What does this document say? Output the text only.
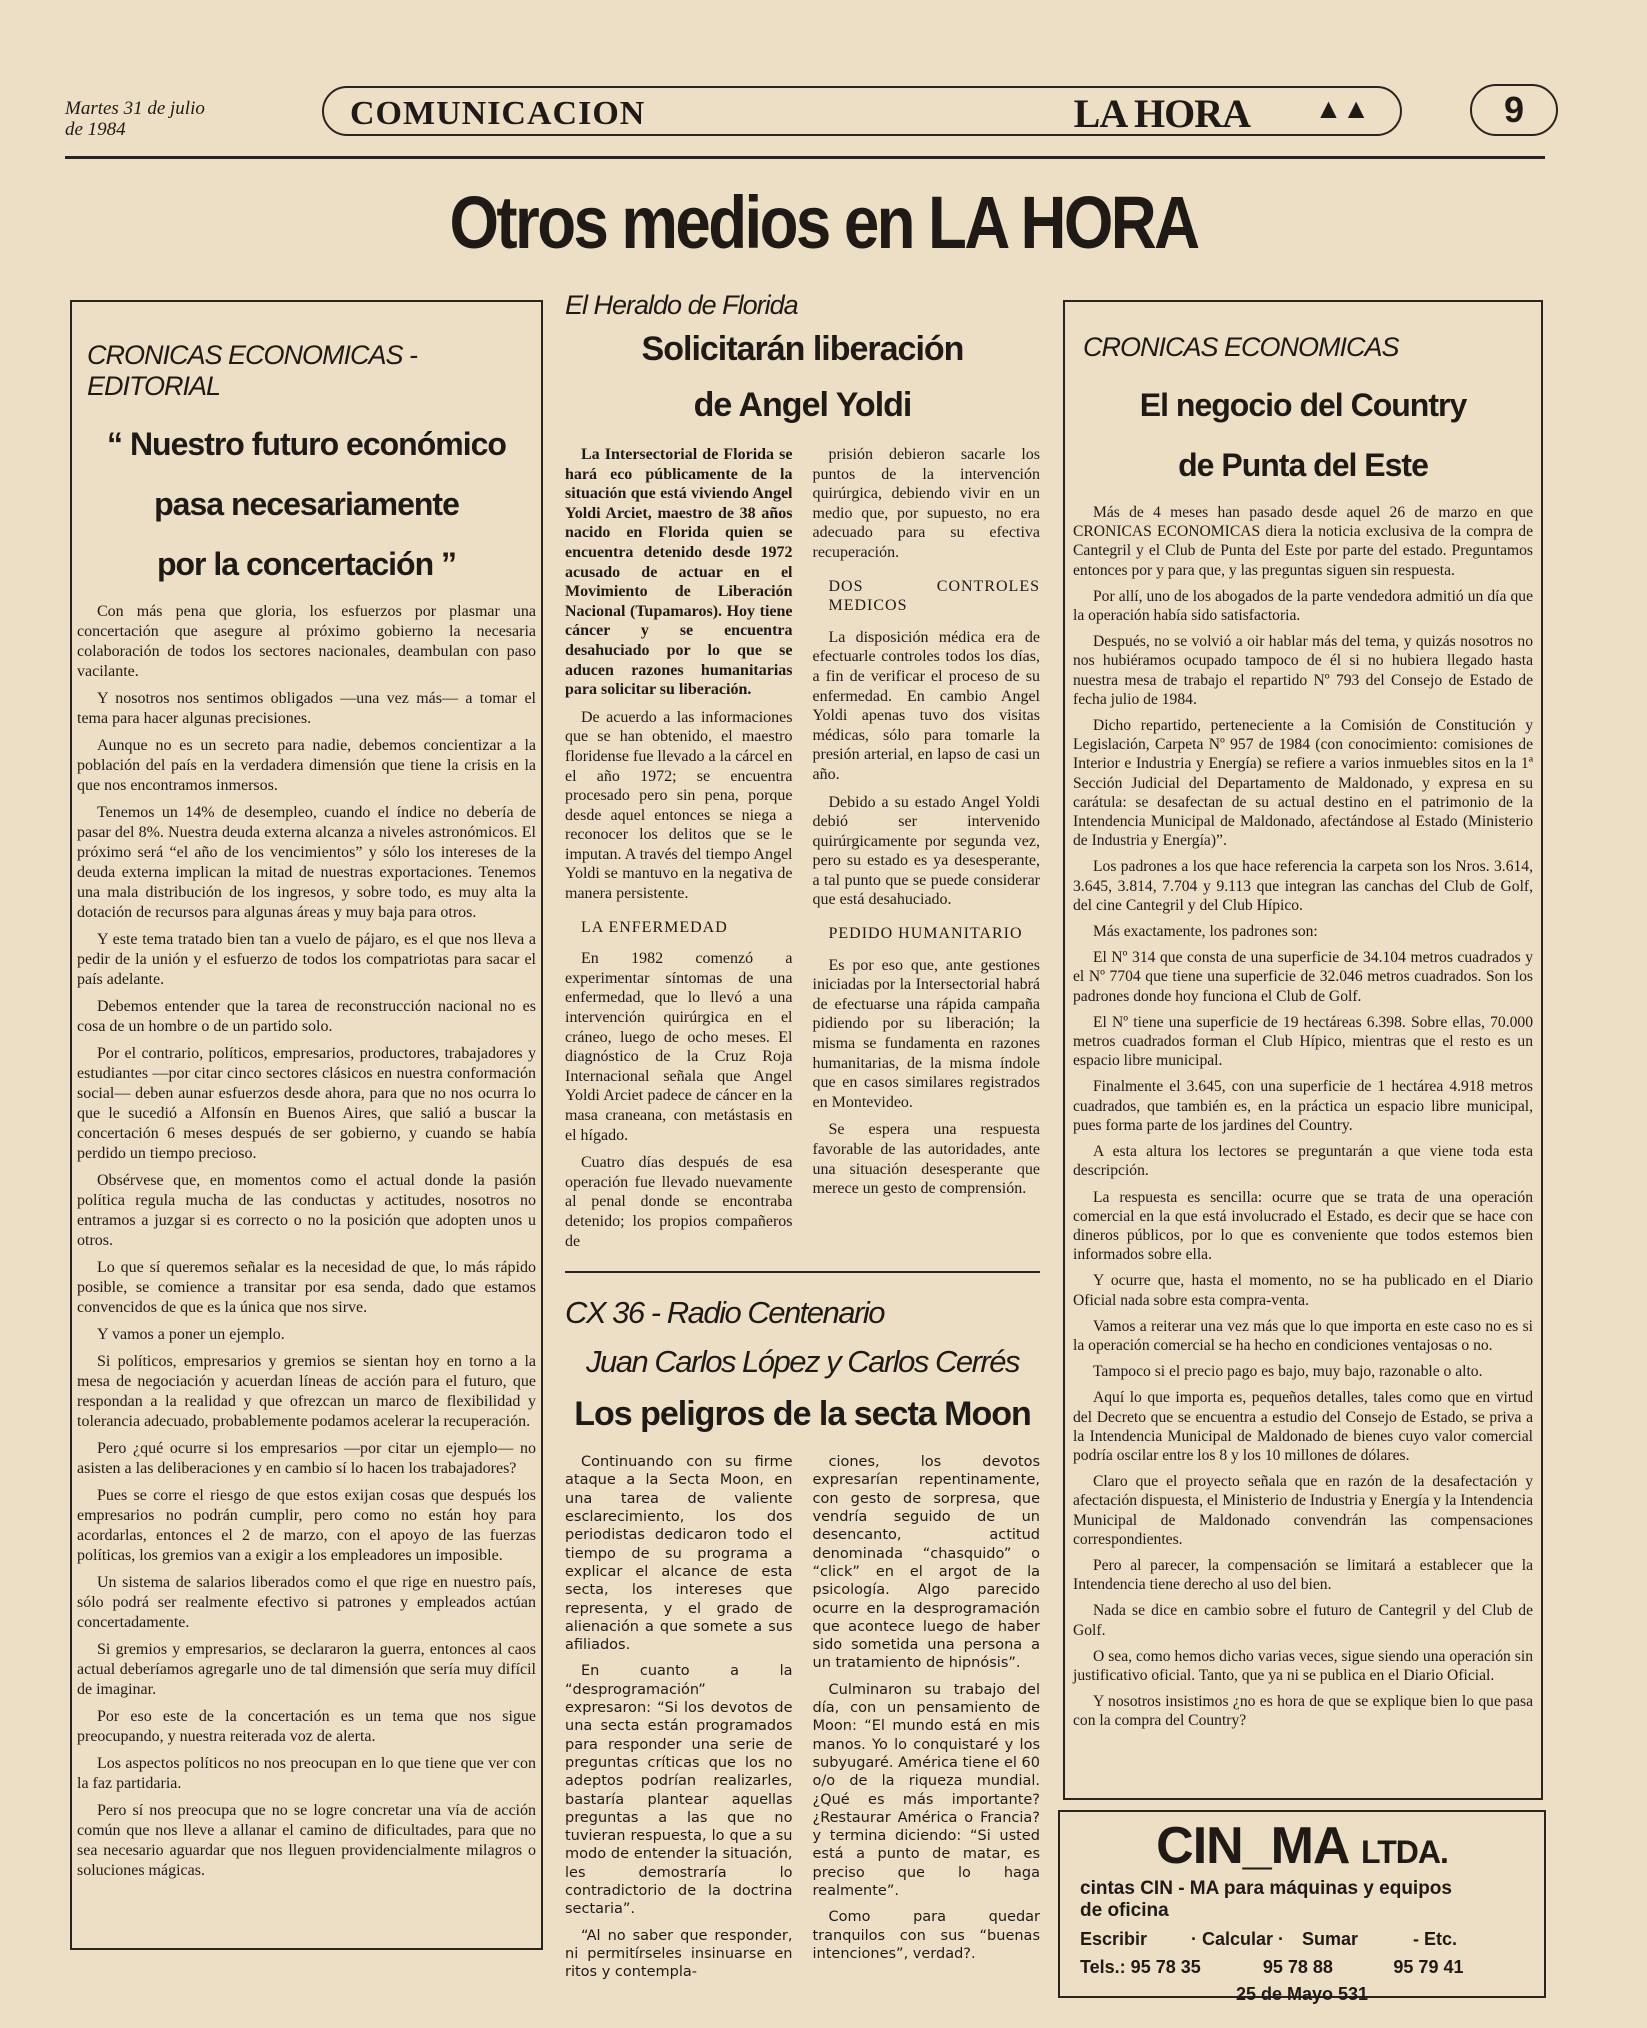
Martes 31 de julio
de 1984	COMUNICACION	LA HORA ▲▲	9
Otros medios en LA HORA
CRONICAS ECONOMICAS - EDITORIAL
“ Nuestro futuro económico
pasa necesariamente
por la concertación ”

Con más pena que gloria, los esfuerzos por plasmar una concertación que asegure al próximo gobierno la necesaria colaboración de todos los sectores nacionales, deambulan con paso vacilante.

Y nosotros nos sentimos obligados —una vez más— a tomar el tema para hacer algunas precisiones.

Aunque no es un secreto para nadie, debemos concientizar a la población del país en la verdadera dimensión que tiene la crisis en la que nos encontramos inmersos.

Tenemos un 14% de desempleo, cuando el índice no debería de pasar del 8%. Nuestra deuda externa alcanza a niveles astronómicos. El próximo será “el año de los vencimientos” y sólo los intereses de la deuda externa implican la mitad de nuestras exportaciones. Tenemos una mala distribución de los ingresos, y sobre todo, es muy alta la dotación de recursos para algunas áreas y muy baja para otros.

Y este tema tratado bien tan a vuelo de pájaro, es el que nos lleva a pedir de la unión y el esfuerzo de todos los compatriotas para sacar el país adelante.

Debemos entender que la tarea de reconstrucción nacional no es cosa de un hombre o de un partido solo.

Por el contrario, políticos, empresarios, productores, trabajadores y estudiantes —por citar cinco sectores clásicos en nuestra conformación social— deben aunar esfuerzos desde ahora, para que no nos ocurra lo que le sucedió a Alfonsín en Buenos Aires, que salió a buscar la concertación 6 meses después de ser gobierno, y cuando se había perdido un tiempo precioso.

Obsérvese que, en momentos como el actual donde la pasión política regula mucha de las conductas y actitudes, nosotros no entramos a juzgar si es correcto o no la posición que adopten unos u otros.

Lo que sí queremos señalar es la necesidad de que, lo más rápido posible, se comience a transitar por esa senda, dado que estamos convencidos de que es la única que nos sirve.

Y vamos a poner un ejemplo.

Si políticos, empresarios y gremios se sientan hoy en torno a la mesa de negociación y acuerdan líneas de acción para el futuro, que respondan a la realidad y que ofrezcan un marco de flexibilidad y tolerancia adecuado, probablemente podamos acelerar la recuperación.

Pero ¿qué ocurre si los empresarios —por citar un ejemplo— no asisten a las deliberaciones y en cambio sí lo hacen los trabajadores?

Pues se corre el riesgo de que estos exijan cosas que después los empresarios no podrán cumplir, pero como no están hoy para acordarlas, entonces el 2 de marzo, con el apoyo de las fuerzas políticas, los gremios van a exigir a los empleadores un imposible.

Un sistema de salarios liberados como el que rige en nuestro país, sólo podrá ser realmente efectivo si patrones y empleados actúan concertadamente.

Si gremios y empresarios, se declararon la guerra, entonces al caos actual deberíamos agregarle uno de tal dimensión que sería muy difícil de imaginar.

Por eso este de la concertación es un tema que nos sigue preocupando, y nuestra reiterada voz de alerta.

Los aspectos políticos no nos preocupan en lo que tiene que ver con la faz partidaria.

Pero sí nos preocupa que no se logre concretar una vía de acción común que nos lleve a allanar el camino de dificultades, para que no sea necesario aguardar que nos lleguen providencialmente milagros o soluciones mágicas.

El Heraldo de Florida
Solicitarán liberación
de Angel Yoldi

La Intersectorial de Florida se hará eco públicamente de la situación que está viviendo Angel Yoldi Arciet, maestro de 38 años nacido en Florida quien se encuentra detenido desde 1972 acusado de actuar en el Movimiento de Liberación Nacional (Tupamaros). Hoy tiene cáncer y se encuentra desahuciado por lo que se aducen razones humanitarias para solicitar su liberación.

De acuerdo a las informaciones que se han obtenido, el maestro floridense fue llevado a la cárcel en el año 1972; se encuentra procesado pero sin pena, porque desde aquel entonces se niega a reconocer los delitos que se le imputan. A través del tiempo Angel Yoldi se mantuvo en la negativa de manera persistente.

LA ENFERMEDAD

En 1982 comenzó a experimentar síntomas de una enfermedad, que lo llevó a una intervención quirúrgica en el cráneo, luego de ocho meses. El diagnóstico de la Cruz Roja Internacional señala que Angel Yoldi Arciet padece de cáncer en la masa craneana, con metástasis en el hígado.

Cuatro días después de esa operación fue llevado nuevamente al penal donde se encontraba detenido; los propios compañeros de

prisión debieron sacarle los puntos de la intervención quirúrgica, debiendo vivir en un medio que, por supuesto, no era adecuado para su efectiva recuperación.

DOS CONTROLES MEDICOS

La disposición médica era de efectuarle controles todos los días, a fin de verificar el proceso de su enfermedad. En cambio Angel Yoldi apenas tuvo dos visitas médicas, sólo para tomarle la presión arterial, en lapso de casi un año.

Debido a su estado Angel Yoldi debió ser intervenido quirúrgicamente por segunda vez, pero su estado es ya desesperante, a tal punto que se puede considerar que está desahuciado.

PEDIDO HUMANITARIO

Es por eso que, ante gestiones iniciadas por la Intersectorial habrá de efectuarse una rápida campaña pidiendo por su liberación; la misma se fundamenta en razones humanitarias, de la misma índole que en casos similares registrados en Montevideo.

Se espera una respuesta favorable de las autoridades, ante una situación desesperante que merece un gesto de comprensión.

CX 36 - Radio Centenario
Juan Carlos López y Carlos Cerrés
Los peligros de la secta Moon

Continuando con su firme ataque a la Secta Moon, en una tarea de valiente esclarecimiento, los dos periodistas dedicaron todo el tiempo de su programa a explicar el alcance de esta secta, los intereses que representa, y el grado de alienación a que somete a sus afiliados.

En cuanto a la “desprogramación” expresaron: “Si los devotos de una secta están programados para responder una serie de preguntas críticas que los no adeptos podrían realizarles, bastaría plantear aquellas preguntas a las que no tuvieran respuesta, lo que a su modo de entender la situación, les demostraría lo contradictorio de la doctrina sectaria”.

“Al no saber que responder, ni permitírseles insinuarse en ritos y contempla-

ciones, los devotos expresarían repentinamente, con gesto de sorpresa, que vendría seguido de un desencanto, actitud denominada “chasquido” o “click” en el argot de la psicología. Algo parecido ocurre en la desprogramación que acontece luego de haber sido sometida una persona a un tratamiento de hipnósis”.

Culminaron su trabajo del día, con un pensamiento de Moon: “El mundo está en mis manos. Yo lo conquistaré y los subyugaré. América tiene el 60 o/o de la riqueza mundial. ¿Qué es más importante? ¿Restaurar América o Francia? y termina diciendo: “Si usted está a punto de matar, es preciso que lo haga realmente”.

Como para quedar tranquilos con sus “buenas intenciones”, verdad?.

CRONICAS ECONOMICAS
El negocio del Country
de Punta del Este

Más de 4 meses han pasado desde aquel 26 de marzo en que CRONICAS ECONOMICAS diera la noticia exclusiva de la compra de Cantegril y el Club de Punta del Este por parte del estado. Preguntamos entonces por y para que, y las preguntas siguen sin respuesta.

Por allí, uno de los abogados de la parte vendedora admitió un día que la operación había sido satisfactoria.

Después, no se volvió a oir hablar más del tema, y quizás nosotros no nos hubiéramos ocupado tampoco de él si no hubiera llegado hasta nuestra mesa de trabajo el repartido Nº 793 del Consejo de Estado de fecha julio de 1984.

Dicho repartido, perteneciente a la Comisión de Constitución y Legislación, Carpeta Nº 957 de 1984 (con conocimiento: comisiones de Interior e Industria y Energía) se refiere a varios inmuebles sitos en la 1ª Sección Judicial del Departamento de Maldonado, y expresa en su carátula: se desafectan de su actual destino en el patrimonio de la Intendencia Municipal de Maldonado, afectándose al Estado (Ministerio de Industria y Energía)”.

Los padrones a los que hace referencia la carpeta son los Nros. 3.614, 3.645, 3.814, 7.704 y 9.113 que integran las canchas del Club de Golf, del cine Cantegril y del Club Hípico.

Más exactamente, los padrones son:

El Nº 314 que consta de una superficie de 34.104 metros cuadrados y el Nº 7704 que tiene una superficie de 32.046 metros cuadrados. Son los padrones donde hoy funciona el Club de Golf.

El Nº tiene una superficie de 19 hectáreas 6.398. Sobre ellas, 70.000 metros cuadrados forman el Club Hípico, mientras que el resto es un espacio libre municipal.

Finalmente el 3.645, con una superficie de 1 hectárea 4.918 metros cuadrados, que también es, en la práctica un espacio libre municipal, pues forma parte de los jardines del Country.

A esta altura los lectores se preguntarán a que viene toda esta descripción.

La respuesta es sencilla: ocurre que se trata de una operación comercial en la que está involucrado el Estado, es decir que se hace con dineros públicos, por lo que es conveniente que todos estemos bien informados sobre ella.

Y ocurre que, hasta el momento, no se ha publicado en el Diario Oficial nada sobre esta compra-venta.

Vamos a reiterar una vez más que lo que importa en este caso no es si la operación comercial se ha hecho en condiciones ventajosas o no.

Tampoco si el precio pago es bajo, muy bajo, razonable o alto.

Aquí lo que importa es, pequeños detalles, tales como que en virtud del Decreto que se encuentra a estudio del Consejo de Estado, se priva a la Intendencia Municipal de Maldonado de bienes cuyo valor comercial podría oscilar entre los 8 y los 10 millones de dólares.

Claro que el proyecto señala que en razón de la desafectación y afectación dispuesta, el Ministerio de Industria y Energía y la Intendencia Municipal de Maldonado convendrán las compensaciones correspondientes.

Pero al parecer, la compensación se limitará a establecer que la Intendencia tiene derecho al uso del bien.

Nada se dice en cambio sobre el futuro de Cantegril y del Club de Golf.

O sea, como hemos dicho varias veces, sigue siendo una operación sin justificativo oficial. Tanto, que ya ni se publica en el Diario Oficial.

Y nosotros insistimos ¿no es hora de que se explique bien lo que pasa con la compra del Country?

CIN_MA LTDA.
cintas CIN - MA para máquinas y equipos
de oficina
Escribir	· Calcular · Sumar	- Etc.
Tels.: 95 78 35	95 78 88	95 79 41
25 de Mayo 531
